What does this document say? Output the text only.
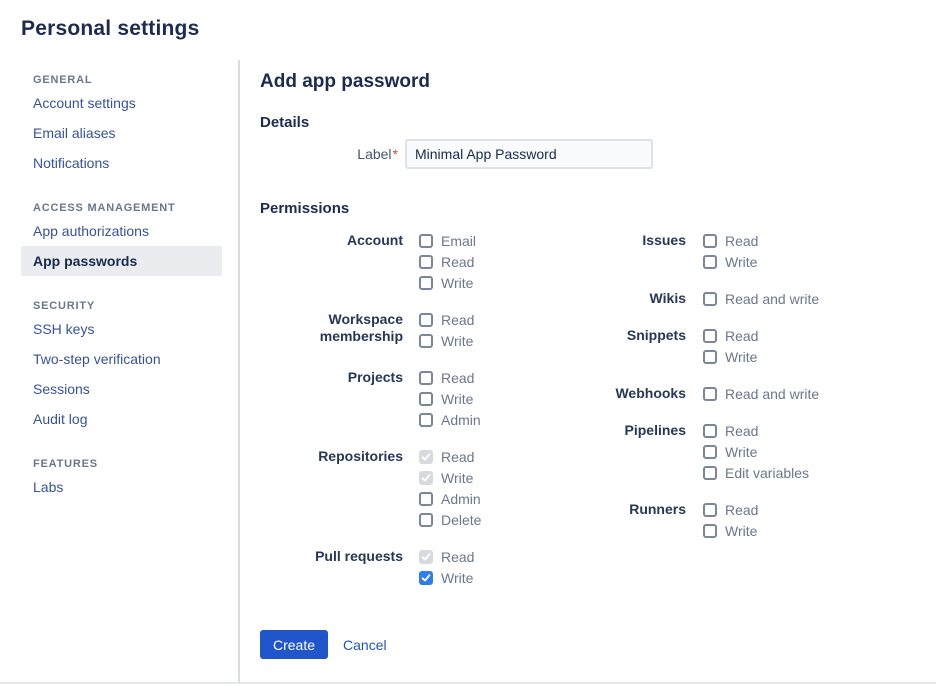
Personal settings
GENERAL
Account settings
Email aliases
Notifications
ACCESS MANAGEMENT
App authorizations
App passwords
SECURITY
SSH keys
Two-step verification
Sessions
Audit log
FEATURES
Labs
Add app password
Details
Label*
Minimal App Password
Permissions
Account	Email
Read
Write
Workspace membership
Read
Write
Projects	Read
Write
Admin
Repositories	Read
Write
Admin
Delete
Pull requests	Read
Write
Issues	Read
Write
Wikis	Read and write
Snippets	Read
Write
Webhooks	Read and write
Pipelines	Read
Write
Edit variables
Runners	Read
Write
Create	Cancel
